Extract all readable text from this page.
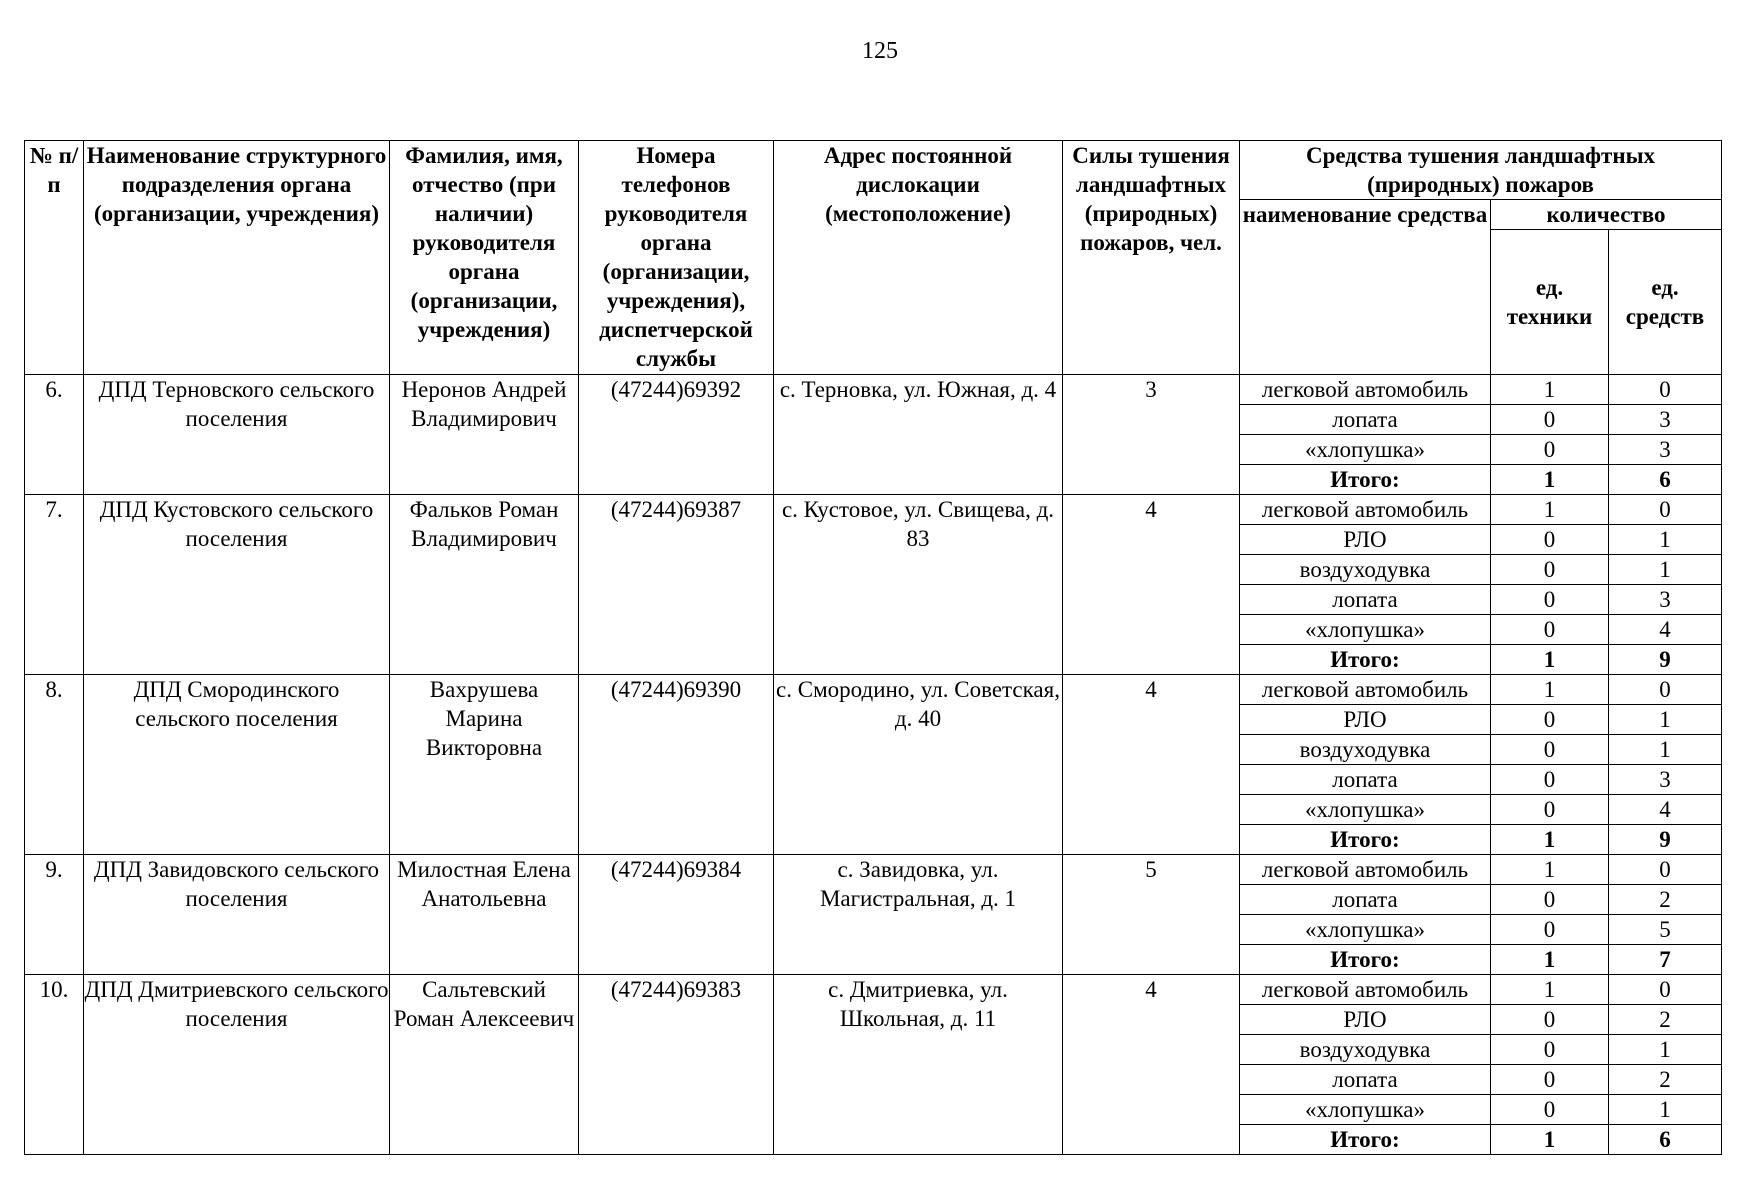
125
№ п/п	Наименование структурного подразделения органа (организации, учреждения)	Фамилия, имя, отчество (при наличии) руководителя органа (организации, учреждения)	Номера телефонов руководителя органа (организации, учреждения), диспетчерской службы	Адрес постоянной дислокации (местоположение)	Силы тушения ландшафтных (природных) пожаров, чел.	Средства тушения ландшафтных (природных) пожаров		
						наименование средства	количество	
							ед. техники	ед. средств
6.	ДПД Терновского сельского поселения	Неронов Андрей Владимирович	(47244)69392	с. Терновка, ул. Южная, д. 4	3	легковой автомобиль	1	0
						лопата	0	3
						«хлопушка»	0	3
						Итого:	1	6
7.	ДПД Кустовского сельского поселения	Фальков Роман Владимирович	(47244)69387	с. Кустовое, ул. Свищева, д. 83	4	легковой автомобиль	1	0
						РЛО	0	1
						воздуходувка	0	1
						лопата	0	3
						«хлопушка»	0	4
						Итого:	1	9
8.	ДПД Смородинского сельского поселения	Вахрушева Марина Викторовна	(47244)69390	с. Смородино, ул. Советская, д. 40	4	легковой автомобиль	1	0
						РЛО	0	1
						воздуходувка	0	1
						лопата	0	3
						«хлопушка»	0	4
						Итого:	1	9
9.	ДПД Завидовского сельского поселения	Милостная Елена Анатольевна	(47244)69384	с. Завидовка, ул. Магистральная, д. 1	5	легковой автомобиль	1	0
						лопата	0	2
						«хлопушка»	0	5
						Итого:	1	7
10.	ДПД Дмитриевского сельского поселения	Сальтевский Роман Алексеевич	(47244)69383	с. Дмитриевка, ул. Школьная, д. 11	4	легковой автомобиль	1	0
						РЛО	0	2
						воздуходувка	0	1
						лопата	0	2
						«хлопушка»	0	1
						Итого:	1	6
